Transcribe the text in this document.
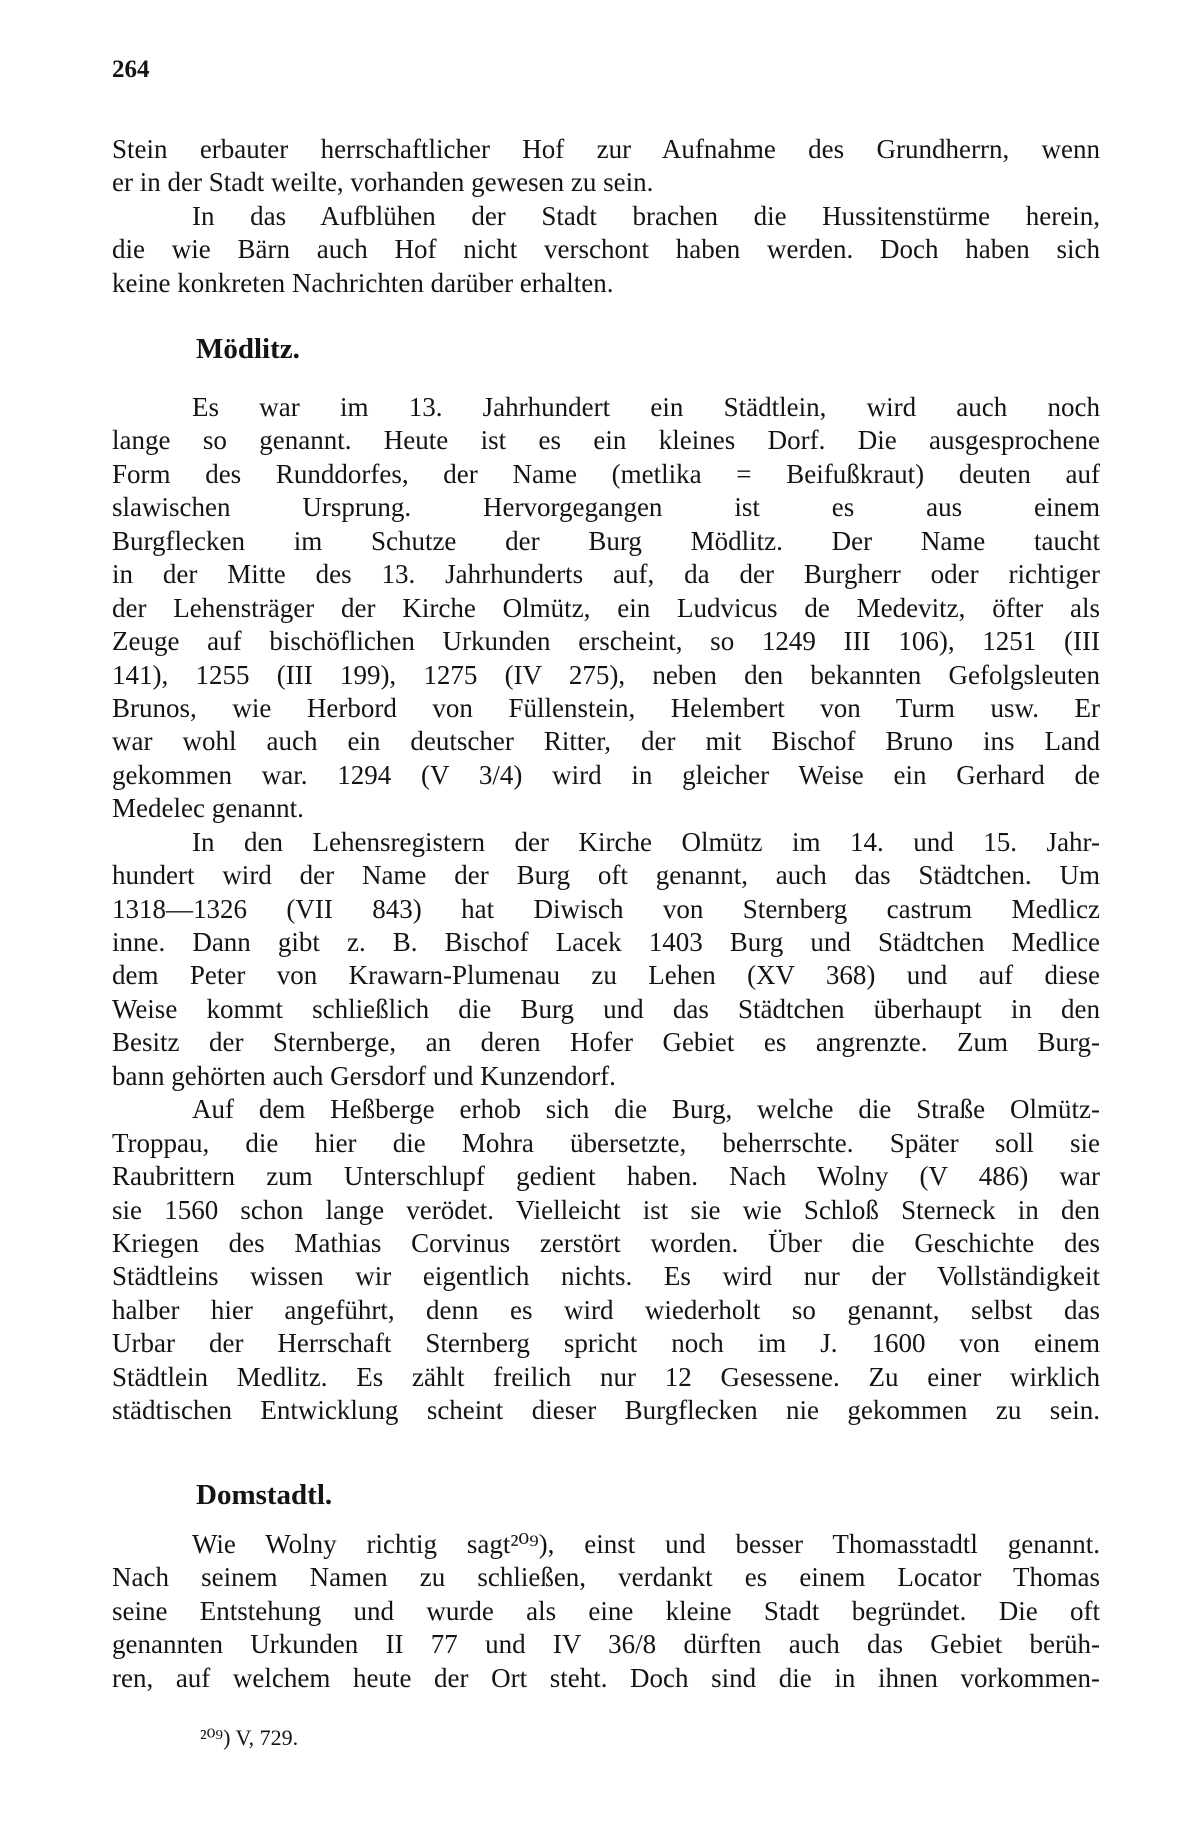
264
Stein erbauter herrschaftlicher Hof zur Aufnahme des Grundherrn, wenn
er in der Stadt weilte, vorhanden gewesen zu sein.
In das Aufblühen der Stadt brachen die Hussitenstürme herein,
die wie Bärn auch Hof nicht verschont haben werden. Doch haben sich
keine konkreten Nachrichten darüber erhalten.
Mödlitz.
Es war im 13. Jahrhundert ein Städtlein, wird auch noch
lange so genannt. Heute ist es ein kleines Dorf. Die ausgesprochene
Form des Runddorfes, der Name (metlika = Beifußkraut) deuten auf
slawischen Ursprung. Hervorgegangen ist es aus einem
Burgflecken im Schutze der Burg Mödlitz. Der Name taucht
in der Mitte des 13. Jahrhunderts auf, da der Burgherr oder richtiger
der Lehensträger der Kirche Olmütz, ein Ludvicus de Medevitz, öfter als
Zeuge auf bischöflichen Urkunden erscheint, so 1249 III 106), 1251 (III
141), 1255 (III 199), 1275 (IV 275), neben den bekannten Gefolgsleuten
Brunos, wie Herbord von Füllenstein, Helembert von Turm usw. Er
war wohl auch ein deutscher Ritter, der mit Bischof Bruno ins Land
gekommen war. 1294 (V 3/4) wird in gleicher Weise ein Gerhard de
Medelec genannt.
In den Lehensregistern der Kirche Olmütz im 14. und 15. Jahr-
hundert wird der Name der Burg oft genannt, auch das Städtchen. Um
1318—1326 (VII 843) hat Diwisch von Sternberg castrum Medlicz
inne. Dann gibt z. B. Bischof Lacek 1403 Burg und Städtchen Medlice
dem Peter von Krawarn-Plumenau zu Lehen (XV 368) und auf diese
Weise kommt schließlich die Burg und das Städtchen überhaupt in den
Besitz der Sternberge, an deren Hofer Gebiet es angrenzte. Zum Burg-
bann gehörten auch Gersdorf und Kunzendorf.
Auf dem Heßberge erhob sich die Burg, welche die Straße Olmütz-
Troppau, die hier die Mohra übersetzte, beherrschte. Später soll sie
Raubrittern zum Unterschlupf gedient haben. Nach Wolny (V 486) war
sie 1560 schon lange verödet. Vielleicht ist sie wie Schloß Sterneck in den
Kriegen des Mathias Corvinus zerstört worden. Über die Geschichte des
Städtleins wissen wir eigentlich nichts. Es wird nur der Vollständigkeit
halber hier angeführt, denn es wird wiederholt so genannt, selbst das
Urbar der Herrschaft Sternberg spricht noch im J. 1600 von einem
Städtlein Medlitz. Es zählt freilich nur 12 Gesessene. Zu einer wirklich
städtischen Entwicklung scheint dieser Burgflecken nie gekommen zu sein.
Domstadtl.
Wie Wolny richtig sagt²⁰⁹), einst und besser Thomasstadtl genannt.
Nach seinem Namen zu schließen, verdankt es einem Locator Thomas
seine Entstehung und wurde als eine kleine Stadt begründet. Die oft
genannten Urkunden II 77 und IV 36/8 dürften auch das Gebiet berüh-
ren, auf welchem heute der Ort steht. Doch sind die in ihnen vorkommen-
²⁰⁹) V, 729.
